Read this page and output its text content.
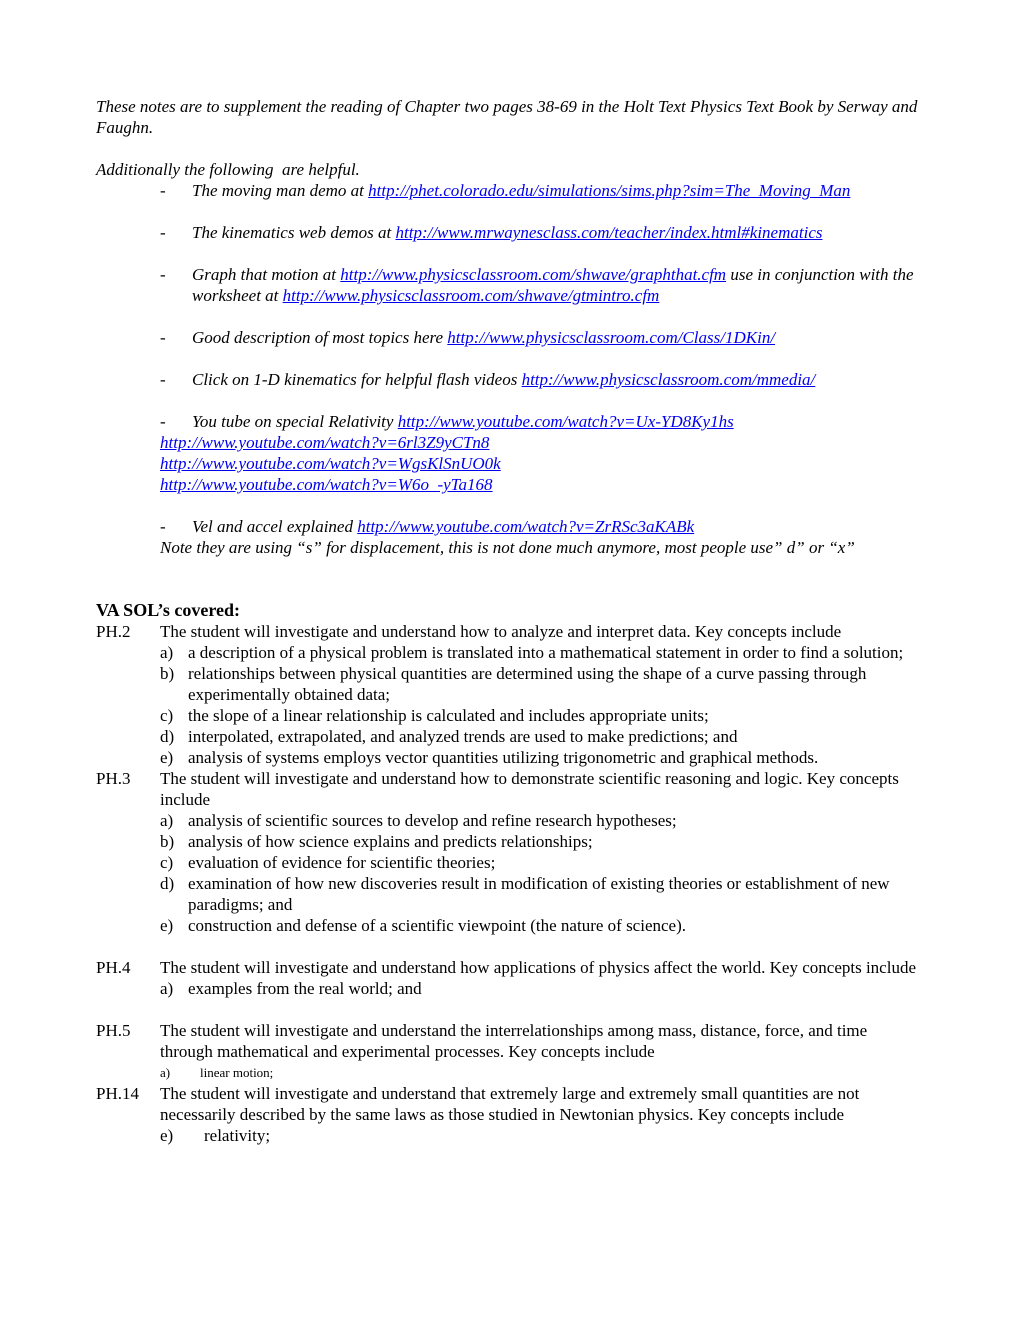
These notes are to supplement the reading of Chapter two pages 38-69 in the Holt Text Physics Text Book by Serway and Faughn.
Additionally the following  are helpful.
- The moving man demo at http://phet.colorado.edu/simulations/sims.php?sim=The_Moving_Man
- The kinematics web demos at http://www.mrwaynesclass.com/teacher/index.html#kinematics
- Graph that motion at http://www.physicsclassroom.com/shwave/graphthat.cfm use in conjunction with the worksheet at http://www.physicsclassroom.com/shwave/gtmintro.cfm
- Good description of most topics here http://www.physicsclassroom.com/Class/1DKin/
- Click on 1-D kinematics for helpful flash videos http://www.physicsclassroom.com/mmedia/
- You tube on special Relativity http://www.youtube.com/watch?v=Ux-YD8Ky1hs
http://www.youtube.com/watch?v=6rl3Z9yCTn8
http://www.youtube.com/watch?v=WgsKlSnUO0k
http://www.youtube.com/watch?v=W6o_-yTa168
- Vel and accel explained http://www.youtube.com/watch?v=ZrRSc3aKABk
Note they are using “s” for displacement, this is not done much anymore, most people use” d” or “x”
VA SOL’s covered:
PH.2 The student will investigate and understand how to analyze and interpret data. Key concepts include
a) a description of a physical problem is translated into a mathematical statement in order to find a solution;
b) relationships between physical quantities are determined using the shape of a curve passing through experimentally obtained data;
c) the slope of a linear relationship is calculated and includes appropriate units;
d) interpolated, extrapolated, and analyzed trends are used to make predictions; and
e) analysis of systems employs vector quantities utilizing trigonometric and graphical methods.
PH.3 The student will investigate and understand how to demonstrate scientific reasoning and logic. Key concepts include
a) analysis of scientific sources to develop and refine research hypotheses;
b) analysis of how science explains and predicts relationships;
c) evaluation of evidence for scientific theories;
d) examination of how new discoveries result in modification of existing theories or establishment of new paradigms; and
e) construction and defense of a scientific viewpoint (the nature of science).
PH.4 The student will investigate and understand how applications of physics affect the world. Key concepts include
a) examples from the real world; and
PH.5 The student will investigate and understand the interrelationships among mass, distance, force, and time through mathematical and experimental processes. Key concepts include
a) linear motion;
PH.14 The student will investigate and understand that extremely large and extremely small quantities are not necessarily described by the same laws as those studied in Newtonian physics. Key concepts include
e) relativity;
